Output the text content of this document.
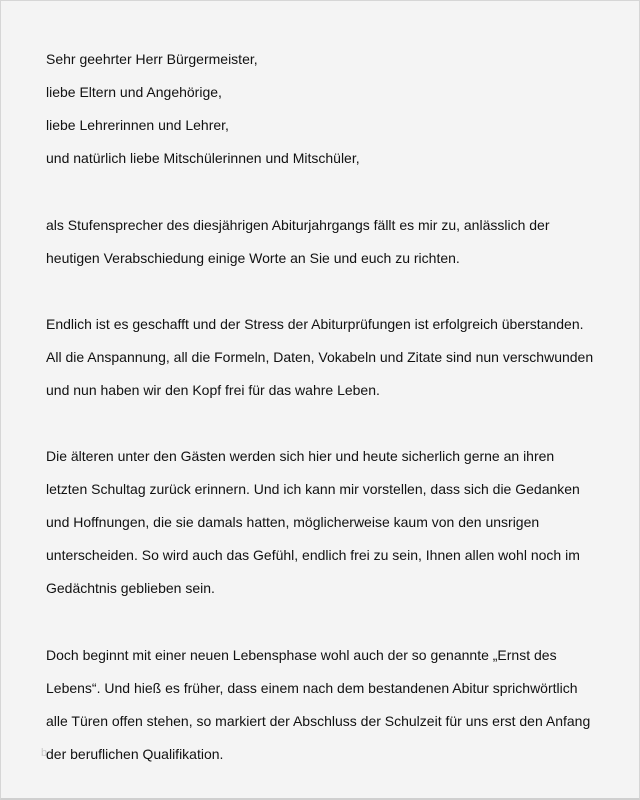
Sehr geehrter Herr Bürgermeister,
liebe Eltern und Angehörige,
liebe Lehrerinnen und Lehrer,
und natürlich liebe Mitschülerinnen und Mitschüler,
als Stufensprecher des diesjährigen Abiturjahrgangs fällt es mir zu, anlässlich der
heutigen Verabschiedung einige Worte an Sie und euch zu richten.
Endlich ist es geschafft und der Stress der Abiturprüfungen ist erfolgreich überstanden.
All die Anspannung, all die Formeln, Daten, Vokabeln und Zitate sind nun verschwunden
und nun haben wir den Kopf frei für das wahre Leben.
Die älteren unter den Gästen werden sich hier und heute sicherlich gerne an ihren
letzten Schultag zurück erinnern. Und ich kann mir vorstellen, dass sich die Gedanken
und Hoffnungen, die sie damals hatten, möglicherweise kaum von den unsrigen
unterscheiden. So wird auch das Gefühl, endlich frei zu sein, Ihnen allen wohl noch im
Gedächtnis geblieben sein.
Doch beginnt mit einer neuen Lebensphase wohl auch der so genannte „Ernst des
Lebens“. Und hieß es früher, dass einem nach dem bestandenen Abitur sprichwörtlich
alle Türen offen stehen, so markiert der Abschluss der Schulzeit für uns erst den Anfang
der beruflichen Qualifikation.
b
